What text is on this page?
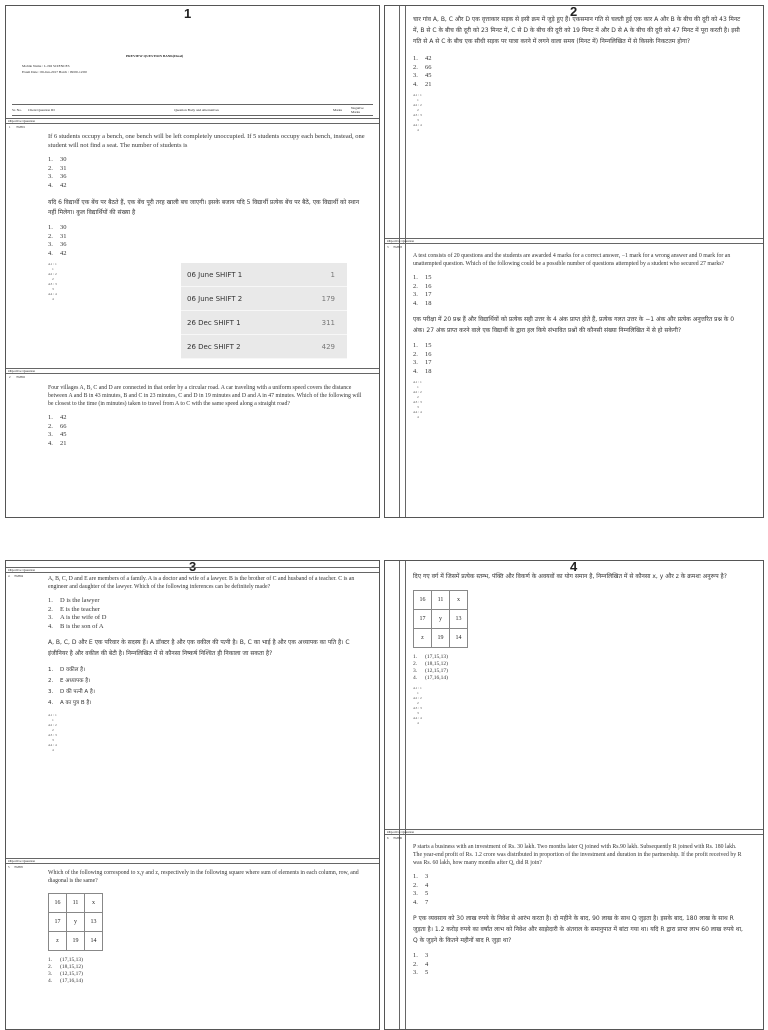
1
PREVIEW QUESTION BANK(Final)
Mobile Name : L.JIO SCIENCES
Exam Date : 06-Jun-2017 Batch : 09:00-12:00
Sr. No.	Client Question ID	Question Body and Alternatives	Marks	Negative Marks
Objective Question
1 702801
If 6 students occupy a bench, one bench will be left completely unoccupied. If 5 students occupy each bench, instead, one student will not find a seat. The number of students is
1.	30
2.	31
3.	36
4.	42
यदि 6 विद्यार्थी एक बेंच पर बैठते हैं, एक बेंच पूरी तरह खाली बच जाएगी। इसके बजाय यदि 5 विद्यार्थी प्रत्येक बेंच पर बैठें, एक विद्यार्थी को स्थान नहीं मिलेगा। कुल विद्यार्थियों की संख्या है
1.	30
2.	31
3.	36
4.	42
A1 : 1
1
A2 : 2
2
A3 : 3
3
A4 : 4
4
06 June SHIFT 1	1
06 June SHIFT 2	179
26 Dec SHIFT 1	311
26 Dec SHIFT 2	429
Objective Question
2 702802
Four villages A, B, C and D are connected in that order by a circular road. A car traveling with a uniform speed covers the distance between A and B in 43 minutes, B and C in 23 minutes, C and D in 19 minutes and D and A in 47 minutes. Which of the following will be closest to the time (in minutes) taken to travel from A to C with the same speed along a straight road?
1.	42
2.	66
3.	45
4.	21
2
चार गांव A, B, C और D एक वृत्ताकार सड़क से इसी क्रम में जुड़े हुए हैं। एकसमान गति से चलती हुई एक कार A और B के बीच की दूरी को 43 मिनट में, B से C के बीच की दूरी को 23 मिनट में, C से D के बीच की दूरी को 19 मिनट में और D से A के बीच की दूरी को 47 मिनट में पूरा करती है। इसी गति से A से C के बीच एक सीधी सड़क पर यात्रा करने में लगने वाला समय (मिनट में) निम्नलिखित में से किसके निकटतम होगा?
1.	42
2.	66
3.	45
4.	21
A1 : 1
1
A2 : 2
2
A3 : 3
3
A4 : 4
4
Objective Question
3 702803
A test consists of 20 questions and the students are awarded 4 marks for a correct answer, −1 mark for a wrong answer and 0 mark for an unattempted question. Which of the following could be a possible number of questions attempted by a student who secured 27 marks?
1.	15
2.	16
3.	17
4.	18
एक परीक्षा में 20 प्रश्न हैं और विद्यार्थियों को प्रत्येक सही उत्तर के 4 अंक प्राप्त होते हैं, प्रत्येक गलत उत्तर के −1 अंक और प्रत्येक अनुत्तरित प्रश्न के 0 अंक। 27 अंक प्राप्त करने वाले एक विद्यार्थी के द्वारा हल किये संभावित प्रश्नों की कौनसी संख्या निम्नलिखित में से हो सकेगी?
1.	15
2.	16
3.	17
4.	18
A1 : 1
1
A2 : 2
2
A3 : 3
3
A4 : 4
4
3
Objective Question
4 702804	A, B, C, D and E are members of a family. A is a doctor and wife of a lawyer. B is the brother of C and husband of a teacher. C is an engineer and daughter of the lawyer. Which of the following inferences can be definitely made?
1.	D is the lawyer
2.	E is the teacher
3.	A is the wife of D
4.	B is the son of A
A, B, C, D और E एक परिवार के सदस्य हैं। A डॉक्टर है और एक वकील की पत्नी है। B, C का भाई है और एक अध्यापक का पति है। C इंजीनियर है और वकील की बेटी है। निम्नलिखित में से कौनसा निष्कर्ष निश्चित ही निकाला जा सकता है?
1.	D वकील है।
2.	E अध्यापक है।
3.	D की पत्नी A है।
4.	A का पुत्र B है।
A1 : 1
1
A2 : 2
2
A3 : 3
3
A4 : 4
4
Objective Question
5 702805
Which of the following correspond to x,y and z, respectively in the following square where sum of elements in each column, row, and diagonal is the same?
16	11	x
17	y	13
z	19	14
1.	(17,15,13)
2.	(18,15,12)
3.	(12,15,17)
4.	(17,16,14)
4
दिए गए वर्ग में जिसमें प्रत्येक स्तम्भ, पंक्ति और विकर्ण के अवयवों का योग समान है, निम्नलिखित में से कौनसा x, y और z के क्रमशः अनुरूप है?
16	11	x
17	y	13
z	19	14
1.	(17,15,13)
2.	(18,15,12)
3.	(12,15,17)
4.	(17,16,14)
A1 : 1
1
A2 : 2
2
A3 : 3
3
A4 : 4
4
Objective Question
6 702806
P starts a business with an investment of Rs. 30 lakh. Two months later Q joined with Rs.90 lakh. Subsequently R joined with Rs. 180 lakh. The year-end profit of Rs. 1.2 crore was distributed in proportion of the investment and duration in the partnership. If the profit received by R was Rs. 60 lakh, how many months after Q, did R join?
1.	3
2.	4
3.	5
4.	7
P एक व्यवसाय को 30 लाख रुपये के निवेश से आरंभ करता है। दो महीने के बाद, 90 लाख के साथ Q जुड़ता है। इसके बाद, 180 लाख के साथ R जुड़ता है। 1.2 करोड़ रुपये का वर्षांत लाभ को निवेश और साझेदारी के अंतराल के समानुपात में बांटा गया था। यदि R द्वारा प्राप्त लाभ 60 लाख रुपये था, Q के जुड़ने के कितने महीनों बाद R जुड़ा था?
1.	3
2.	4
3.	5
